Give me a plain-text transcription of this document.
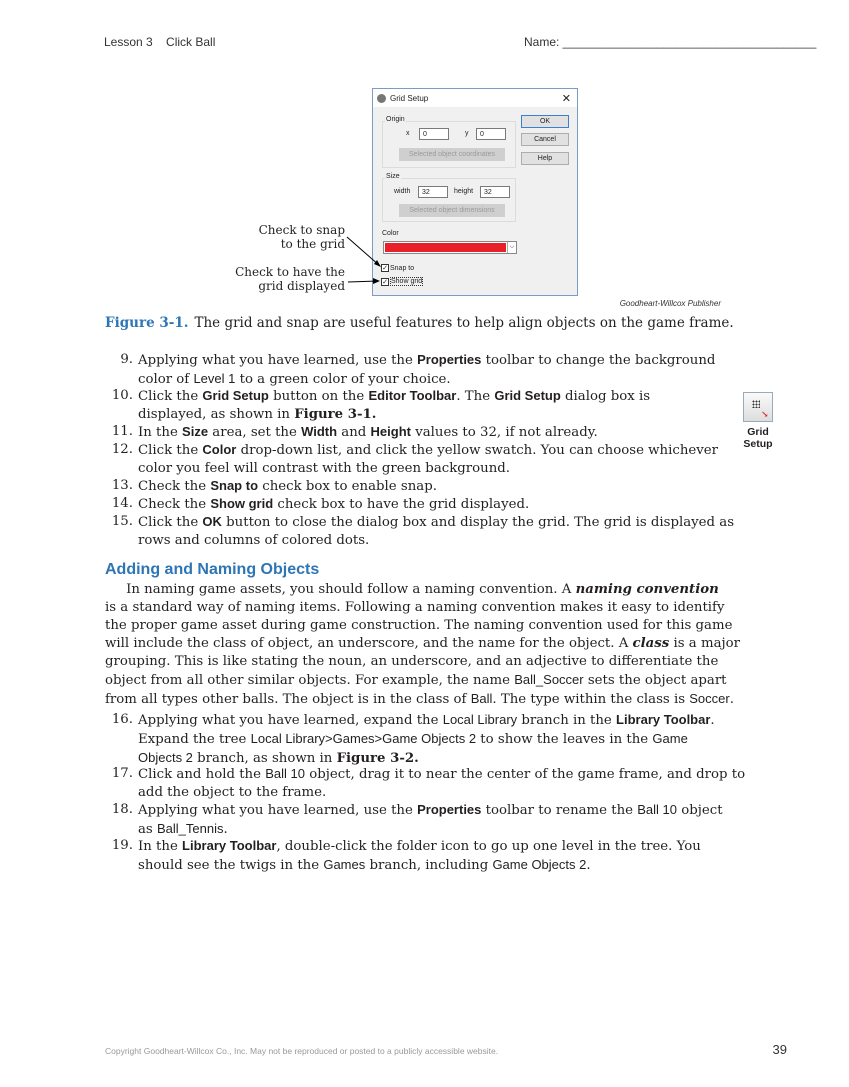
Lesson 3 Click Ball	Name: ______________________________________
Grid Setup	✕
Origin
x	0	y	0
Selected object coordinates
Size
width	32	height	32
Selected object dimensions
Color
⌵
✓ Snap to
✓ Show grid
OK
Cancel
Help
Check to snap
to the grid
Check to have the
grid displayed
Goodheart-Willcox Publisher
Figure 3-1. The grid and snap are useful features to help align objects on the game frame.
↘
Grid Setup
9. Applying what you have learned, use the Properties toolbar to change the background
color of Level 1 to a green color of your choice.
10. Click the Grid Setup button on the Editor Toolbar. The Grid Setup dialog box is
displayed, as shown in Figure 3-1.
11. In the Size area, set the Width and Height values to 32, if not already.
12. Click the Color drop-down list, and click the yellow swatch. You can choose whichever
color you feel will contrast with the green background.
13. Check the Snap to check box to enable snap.
14. Check the Show grid check box to have the grid displayed.
15. Click the OK button to close the dialog box and display the grid. The grid is displayed as
rows and columns of colored dots.
Adding and Naming Objects
In naming game assets, you should follow a naming convention. A naming convention
is a standard way of naming items. Following a naming convention makes it easy to identify
the proper game asset during game construction. The naming convention used for this game
will include the class of object, an underscore, and the name for the object. A class is a major
grouping. This is like stating the noun, an underscore, and an adjective to differentiate the
object from all other similar objects. For example, the name Ball_Soccer sets the object apart
from all types other balls. The object is in the class of Ball. The type within the class is Soccer.
16. Applying what you have learned, expand the Local Library branch in the Library Toolbar.
Expand the tree Local Library>Games>Game Objects 2 to show the leaves in the Game
Objects 2 branch, as shown in Figure 3-2.
17. Click and hold the Ball 10 object, drag it to near the center of the game frame, and drop to
add the object to the frame.
18. Applying what you have learned, use the Properties toolbar to rename the Ball 10 object
as Ball_Tennis.
19. In the Library Toolbar, double-click the folder icon to go up one level in the tree. You
should see the twigs in the Games branch, including Game Objects 2.
Copyright Goodheart-Willcox Co., Inc. May not be reproduced or posted to a publicly accessible website.	39
